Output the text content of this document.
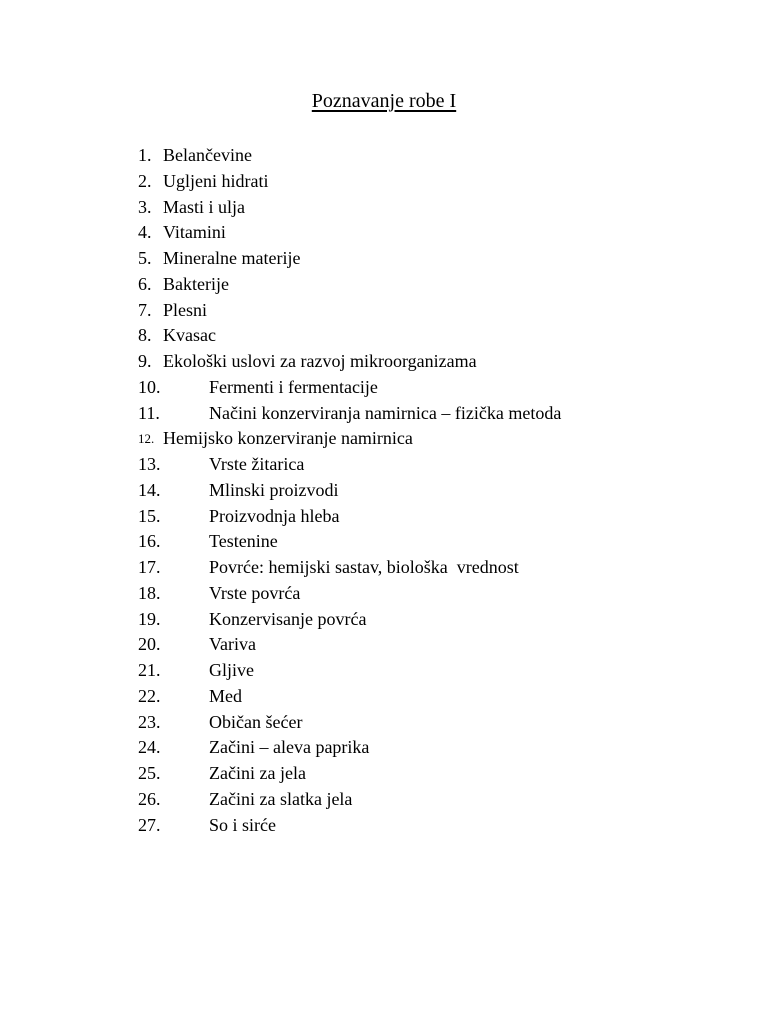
Poznavanje robe I
1. Belančevine
2. Ugljeni hidrati
3. Masti i ulja
4. Vitamini
5. Mineralne materije
6. Bakterije
7. Plesni
8. Kvasac
9. Ekološki uslovi za razvoj mikroorganizama
10.	Fermenti i fermentacije
11.	Načini konzerviranja namirnica – fizička metoda
12. Hemijsko konzerviranje namirnica
13.	Vrste žitarica
14.	Mlinski proizvodi
15.	Proizvodnja hleba
16.	Testenine
17.	Povrće: hemijski sastav, biološka  vrednost
18.	Vrste povrća
19.	Konzervisanje povrća
20.	Variva
21.	Gljive
22.	Med
23.	Običan šećer
24.	Začini – aleva paprika
25.	Začini za jela
26.	Začini za slatka jela
27.	So i sirće
